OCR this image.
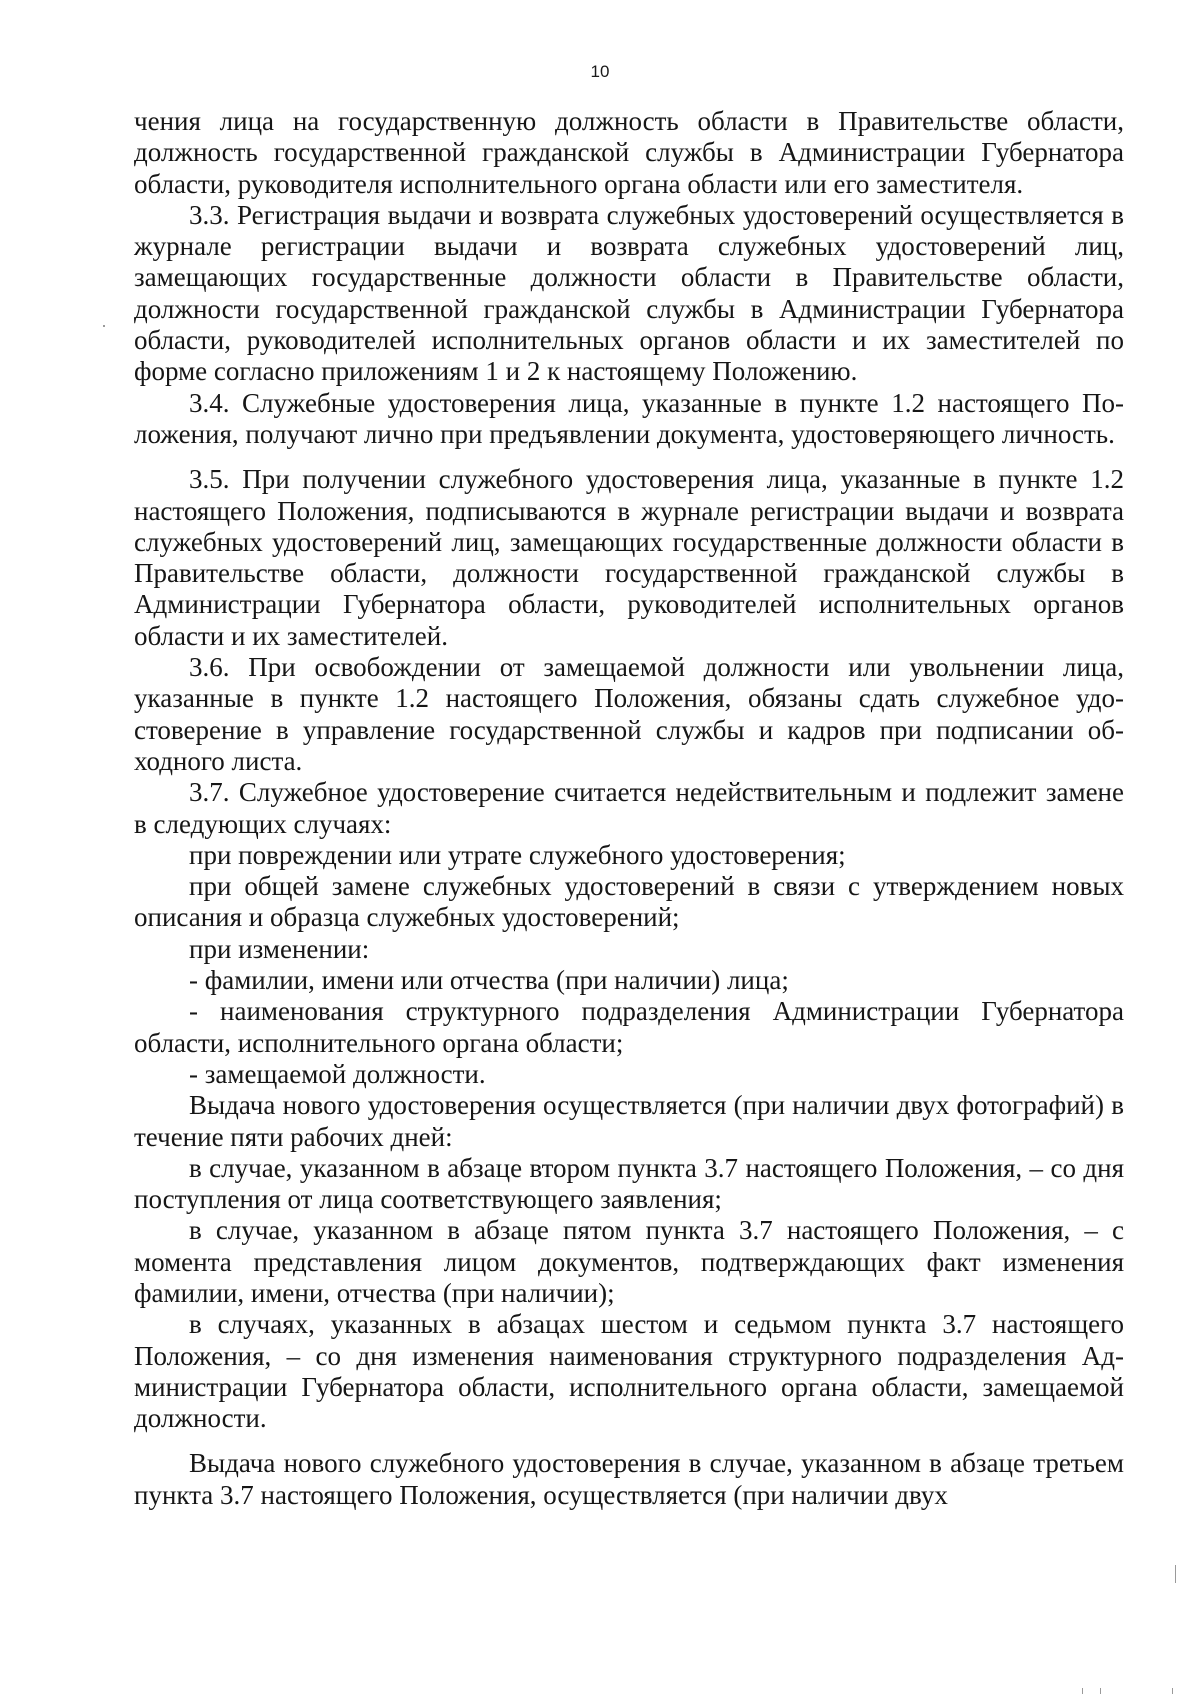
10

чения лица на государственную должность области в Правительстве области, должность государственной гражданской службы в Администрации Губернатора области, руководителя исполнительного органа области или его заместителя.

3.3. Регистрация выдачи и возврата служебных удостоверений осуществляется в журнале регистрации выдачи и возврата служебных удостоверений лиц, замещающих государственные должности области в Правительстве области, должности государственной гражданской службы в Администрации Губернатора области, руководителей исполнительных органов области и их заместителей по форме согласно приложениям 1 и 2 к настоящему Положению.

3.4. Служебные удостоверения лица, указанные в пункте 1.2 настоящего Положения, получают лично при предъявлении документа, удостоверяющего личность.

3.5. При получении служебного удостоверения лица, указанные в пункте 1.2 настоящего Положения, подписываются в журнале регистрации выдачи и возврата служебных удостоверений лиц, замещающих государственные должности области в Правительстве области, должности государственной гражданской службы в Администрации Губернатора области, руководителей исполнительных органов области и их заместителей.

3.6. При освобождении от замещаемой должности или увольнении лица, указанные в пункте 1.2 настоящего Положения, обязаны сдать служебное удостоверение в управление государственной службы и кадров при подписании обходного листа.

3.7. Служебное удостоверение считается недействительным и подлежит замене в следующих случаях:

при повреждении или утрате служебного удостоверения;

при общей замене служебных удостоверений в связи с утверждением новых описания и образца служебных удостоверений;

при изменении:

- фамилии, имени или отчества (при наличии) лица;

- наименования структурного подразделения Администрации Губернатора области, исполнительного органа области;

- замещаемой должности.

Выдача нового удостоверения осуществляется (при наличии двух фотографий) в течение пяти рабочих дней:

в случае, указанном в абзаце втором пункта 3.7 настоящего Положения, – со дня поступления от лица соответствующего заявления;

в случае, указанном в абзаце пятом пункта 3.7 настоящего Положения, – с момента представления лицом документов, подтверждающих факт изменения фамилии, имени, отчества (при наличии);

в случаях, указанных в абзацах шестом и седьмом пункта 3.7 настоящего Положения, – со дня изменения наименования структурного подразделения Администрации Губернатора области, исполнительного органа области, замещаемой должности.

Выдача нового служебного удостоверения в случае, указанном в абзаце третьем пункта 3.7 настоящего Положения, осуществляется (при наличии двух
